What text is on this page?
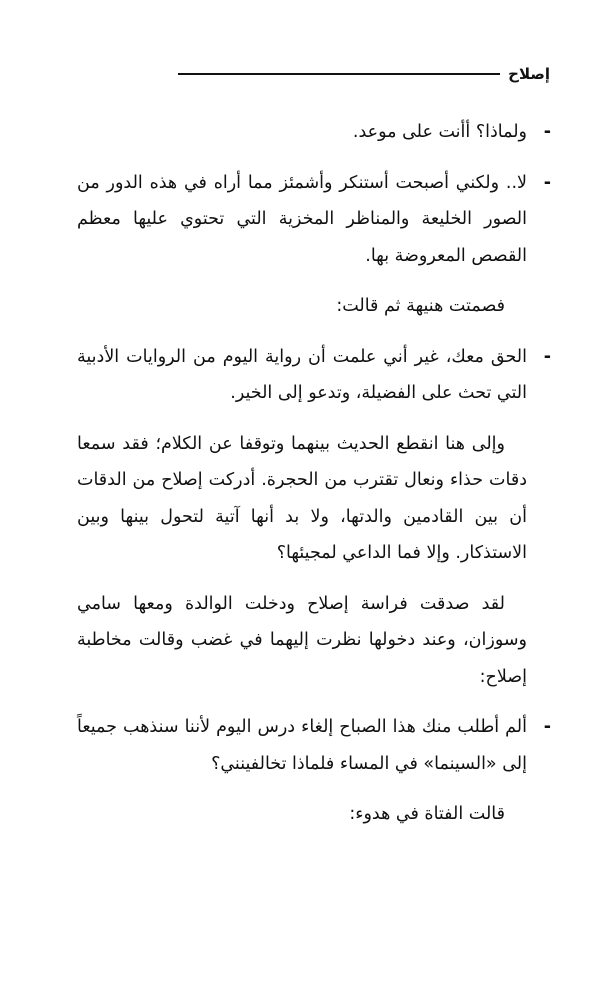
إصلاح

-
ولماذا؟ أأنت على موعد.

-
لا.. ولكني أصبحت أستنكر وأشمئز مما أراه في هذه الدور من الصور الخليعة والمناظر المخزية التي تحتوي عليها معظم القصص المعروضة بها.

فصمتت هنيهة ثم قالت:

-
الحق معك، غير أني علمت أن رواية اليوم من الروايات الأدبية التي تحث على الفضيلة، وتدعو إلى الخير.

وإلى هنا انقطع الحديث بينهما وتوقفا عن الكلام؛ فقد سمعا دقات حذاء ونعال تقترب من الحجرة. أدركت إصلاح من الدقات أن بين القادمين والدتها، ولا بد أنها آتية لتحول بينها وبين الاستذكار. وإلا فما الداعي لمجيئها؟

لقد صدقت فراسة إصلاح ودخلت الوالدة ومعها سامي وسوزان، وعند دخولها نظرت إليهما في غضب وقالت مخاطبة إصلاح:

-
ألم أطلب منك هذا الصباح إلغاء درس اليوم لأننا سنذهب جميعاً إلى «السينما» في المساء فلماذا تخالفينني؟

قالت الفتاة في هدوء:
